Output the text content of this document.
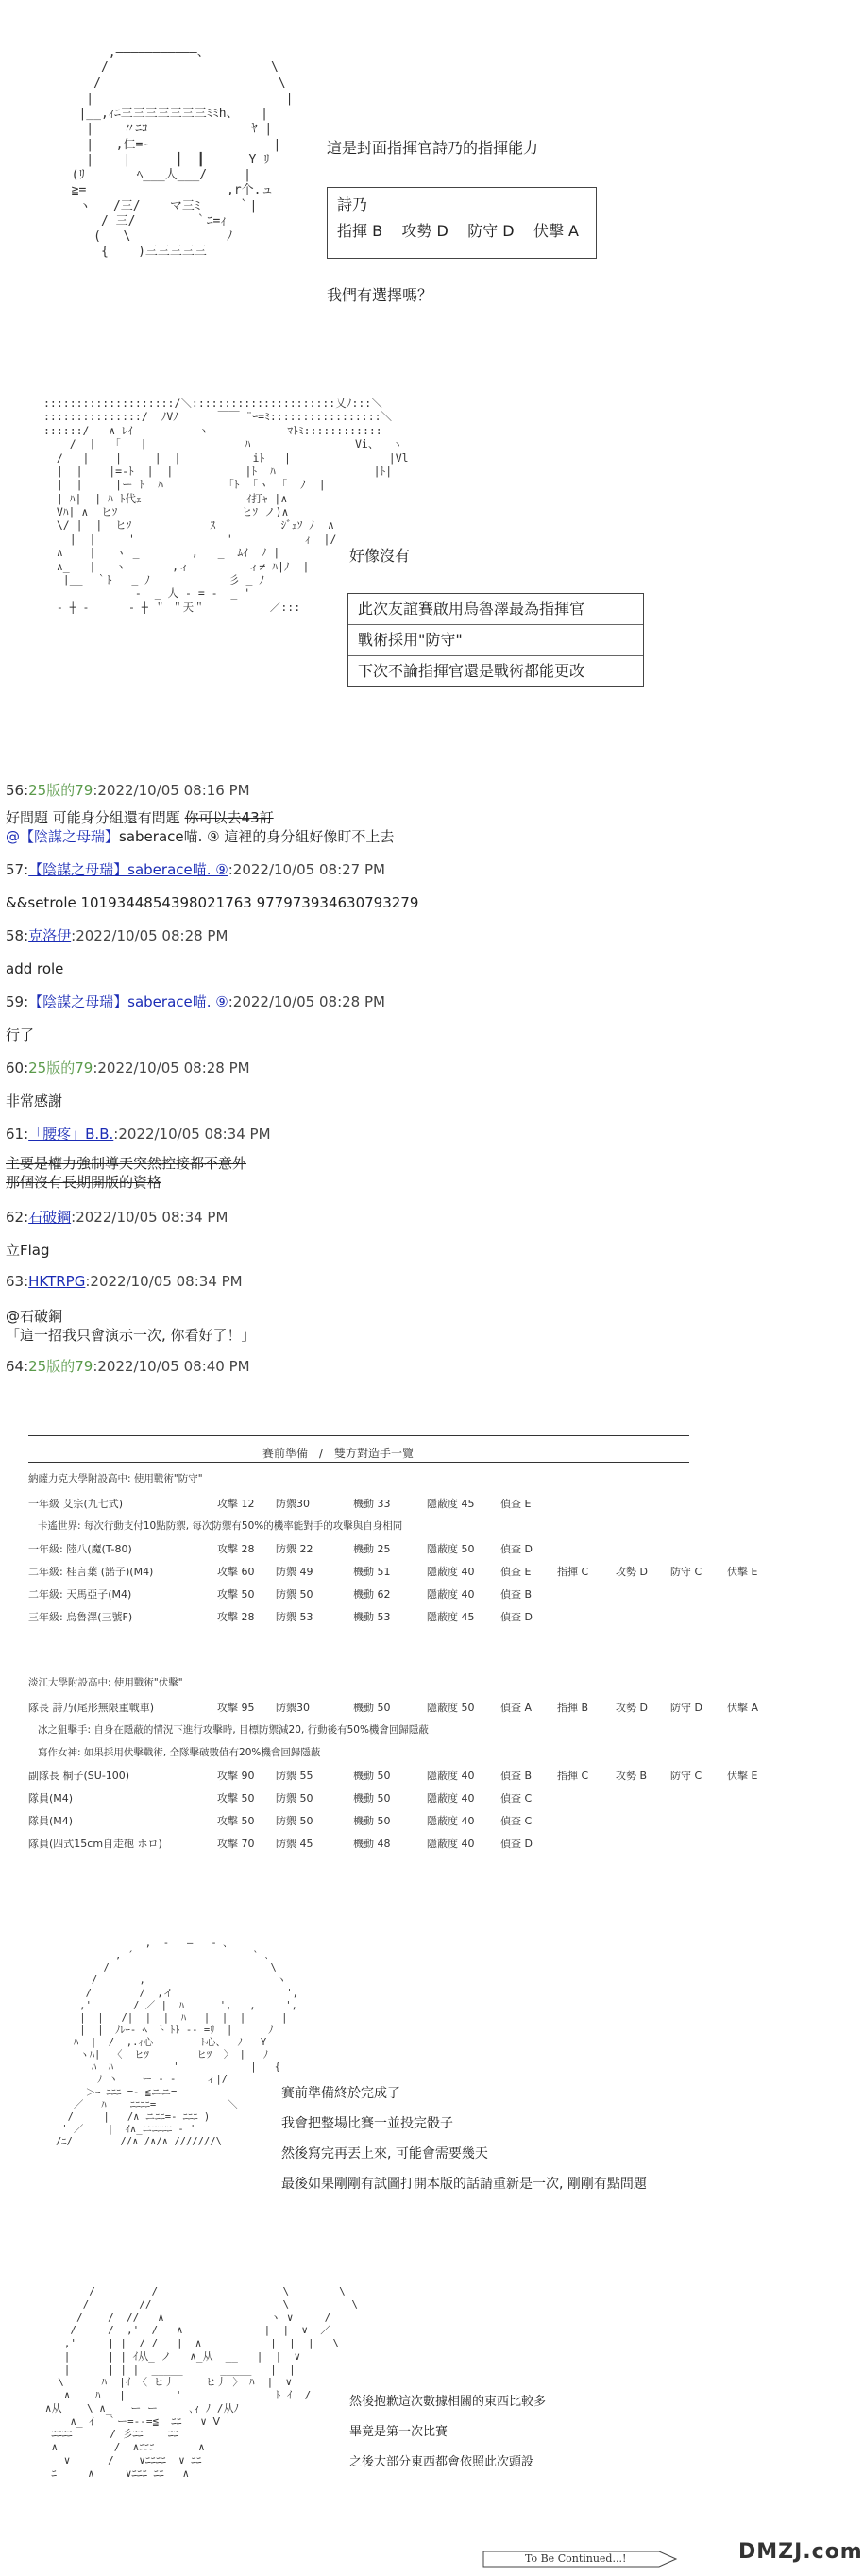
,―――――――――――、
/                      \
/                        \
|                          |
|__,ｨﾆ三三三三三三三ﾐﾐh、   |
|    〃ﾆｺ              ﾔ |
|   ,仁=ー                |
|    |      ┃  ┃      Y ﾘ
(ﾘ       ﾍ___人___/     |
≧=                   ,r个.ュ
ヽ   /三/    マ三ﾐ     ｀|
/ 三/        ｀ﾆ=ｨ
(   \             ﾉ
{    )三三三三三

這是封面指揮官詩乃的指揮能力
詩乃
指揮 B 攻勢 D 防守 D 伏擊 A
我們有選擇嗎？
::::::::::::::::::::/＼::::::::::::::::::::::乂ﾉ:::＼
:::::::::::::::/  ﾉVﾉ      ￣￣ ¨ｰ=ﾐ:::::::::::::::::＼
::::::/   ∧ ﾚｲ          ヽ            ﾏﾄﾐ::::::::::::
/  |   ｢   |               ﾊ                Vi、  ヽ
/   |    |     |  |           iﾄ   |               |Vl
|  |    |=‐ﾄ  |  |           |ﾄ  ﾊ               |ﾄ|
|  |     |ー ﾄ  ﾊ          ｢ﾄ  ｢ヽ  ｢  ﾉ  |
| ﾊ|  | ﾊ ﾄ代ｪ                ｲ打ｬ |∧
Vﾊ| ∧  ヒｿ                   ヒｿ ノ)∧
\/ |  |  ヒｿ            ｽ          ｼﾞｪｿ ﾉ  ∧
|  |     '              '           ｨ  |/
∧    |   ヽ _        ,   _  ﾑｲ  ﾉ |
∧_   |   ヽ       ,ィ         ィ≠ ﾊ|ﾉ  |
|__  ｀ﾄ   _ ﾉ            彡 _ ﾉ
‐  _ 人 ‐ = ‐  _ '
‐ ┼ ‐      ‐ ┼ ＂ ＂天＂          ／:::

好像沒有
此次友誼賽啟用烏魯澤最為指揮官
戰術採用"防守"
下次不論指揮官還是戰術都能更改
56:25版的79:2022/10/05 08:16 PM
好問題 可能身分組還有問題 你可以去43訂
@【陰謀之母瑞】saberace喵. ⑨ 這裡的身分組好像盯不上去
57:【陰謀之母瑞】saberace喵. ⑨:2022/10/05 08:27 PM
&&setrole 1019344854398021763 977973934630793279
58:克洛伊:2022/10/05 08:28 PM
add role
59:【陰謀之母瑞】saberace喵. ⑨:2022/10/05 08:28 PM
行了
60:25版的79:2022/10/05 08:28 PM
非常感謝
61:「腰疼」B.B.:2022/10/05 08:34 PM
主要是權力強制導天突然控接都不意外
那個沒有長期開版的資格
62:石破鋼:2022/10/05 08:34 PM
立Flag
63:HKTRPG:2022/10/05 08:34 PM
@石破鋼
「這一招我只會演示一次, 你看好了！」
64:25版的79:2022/10/05 08:40 PM
賽前準備　/　雙方對造手一覽
納薩力克大學附設高中: 使用戰術"防守"
一年級 艾宗(九七式)	攻擊 12 防禦30	機動 33	隱蔽度 45	偵查 E
卡遙世界: 每次行動支付10點防禦, 每次防禦有50%的機率能對手的攻擊與自身相同
一年級: 陸八(魔(T-80)	攻擊 28 防禦 22	機動 25	隱蔽度 50	偵查 D
二年級: 桂言葉 (諾子)(M4)	攻擊 60 防禦 49	機動 51	隱蔽度 40	偵查 E	指揮 C	攻勢 D 防守 C 伏擊 E
二年級: 天馬亞子(M4)	攻擊 50 防禦 50	機動 62	隱蔽度 40	偵查 B
三年級: 烏魯澤(三號F)	攻擊 28 防禦 53	機動 53	隱蔽度 45	偵查 D
淡江大學附設高中: 使用戰術"伏擊"
隊長 詩乃(尾形無限重戰車)	攻擊 95 防禦30	機動 50	隱蔽度 50	偵查 A 指揮 B	攻勢 D 防守 D 伏擊 A
冰之狙擊手: 自身在隱蔽的情況下進行攻擊時, 目標防禦減20, 行動後有50%機會回歸隱蔽
寫作女神: 如果採用伏擊戰術, 全隊擊破數值有20%機會回歸隱蔽
副隊長 桐子(SU-100)	攻擊 90 防禦 55	機動 50	隱蔽度 40	偵查 B 指揮 C	攻勢 B 防守 C 伏擊 E
隊員(M4)	攻擊 50 防禦 50	機動 50	隱蔽度 40	偵查 C
隊員(M4)	攻擊 50 防禦 50	機動 50	隱蔽度 40	偵查 C
隊員(四式15cm自走砲 ホロ)	攻擊 70 防禦 45	機動 48	隱蔽度 40	偵查 D
,  -   ―   - 、
, ´                    ` ､
/                           \
/       ,                      ヽ
/        /  ,イ                   ',
,'       / ／ |  ﾊ      ',   ,     ',
|  |   /|  |  |  ﾊ   |  |  |      |
|  |  ﾉﾚｰ- ﾍ  ﾄ ﾄﾄ ‐- =ﾘ  |      ﾉ
ﾊ  |  /  ,.ｨ心        ﾄ心、  ﾉ   Y
ヽﾊ|  〈  ヒﾂ        ヒﾂ  〉 |   ﾉ
ﾊ  ﾊ          '            |   {
ﾉ ヽ    ー ‐ ‐     ィ|/
＞ｰ ﾆﾆﾆ =‐ ≦ニニ=
／   ﾊ    ﾆﾆﾆﾆ=            ＼
/     |   /∧ ニﾆﾆ=- ﾆﾆﾆ )
' ／    |  ｲ∧_ニﾆﾆﾆﾆ ‐ '
/ﾆ/        //∧ /∧/∧ ///////\

賽前準備終於完成了
我會把整場比賽一並投完骰子
然後寫完再丟上來, 可能會需要幾天
最後如果剛剛有試圖打開本版的話請重新是一次, 剛剛有點問題
/         /                    \        \
/        //                     \          \
/    /  //   ∧                 ヽ ∨     /
/     /  ,'  /   ∧             |  |  ∨  ／
,'     | |  / /   |  ∧           |  |  |   \
|      | | ｲ从_ ノ   ∧_从  __   |  |  ∨
|      | | |  _____      _____   |  |
\      ﾊ  |ｲ 〈 ヒ丿     ヒ丿 〉 ﾊ  |  ∨
∧    ﾊ   |        '               ﾄ ｲ  /
∧从    \ ∧_   ー ー     ､ｨ ﾉ /从ﾉ
∧_ ｲ  ｀ー=‐‐=≦  ﾆﾆ   ∨ Ⅴ
ﾆﾆﾆﾆ      / 彡ﾆﾆ    ﾆﾆ
∧         /  ∧ﾆﾆﾆ       ∧
∨      /    ∨ﾆﾆﾆﾆ  ∨ ﾆﾆ
ﾆ     ∧     ∨ﾆﾆﾆ ﾆﾆ   ∧

然後抱歉這次數據相關的東西比較多
畢竟是第一次比賽
之後大部分東西都會依照此次頭設
To Be Continued...!	DMZJ.com
